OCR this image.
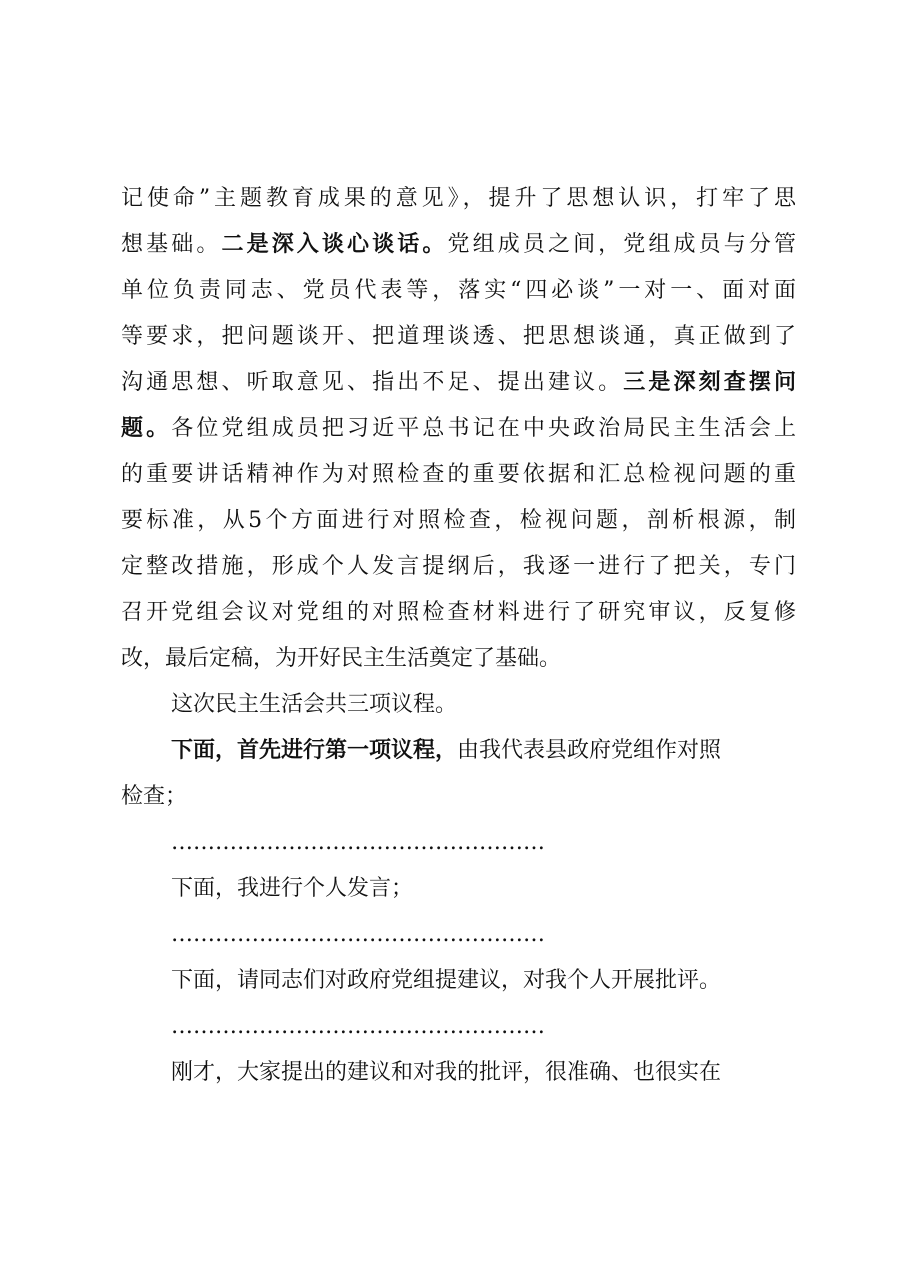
记使命”主题教育成果的意见》，提升了思想认识，打牢了思
想基础。二是深入谈心谈话。党组成员之间，党组成员与分管
单位负责同志、党员代表等，落实“四必谈”一对一、面对面
等要求，把问题谈开、把道理谈透、把思想谈通，真正做到了
沟通思想、听取意见、指出不足、提出建议。三是深刻查摆问
题。各位党组成员把习近平总书记在中央政治局民主生活会上
的重要讲话精神作为对照检查的重要依据和汇总检视问题的重
要标准，从5个方面进行对照检查，检视问题，剖析根源，制
定整改措施，形成个人发言提纲后，我逐一进行了把关，专门
召开党组会议对党组的对照检查材料进行了研究审议，反复修
改，最后定稿，为开好民主生活奠定了基础。
这次民主生活会共三项议程。
下面，首先进行第一项议程，由我代表县政府党组作对照
检查；
……………………………………………
下面，我进行个人发言；
……………………………………………
下面，请同志们对政府党组提建议，对我个人开展批评。
……………………………………………
刚才，大家提出的建议和对我的批评，很准确、也很实在
